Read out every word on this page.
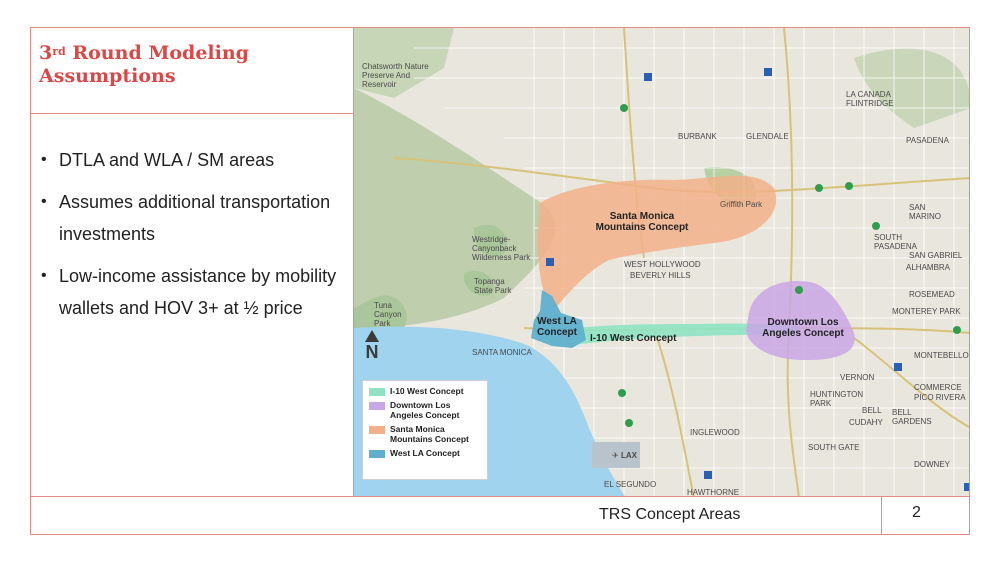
3rd Round Modeling Assumptions
• DTLA and WLA / SM areas
• Assumes additional transportation investments
• Low-income assistance by mobility wallets and HOV 3+ at ½ price
Chatsworth Nature Preserve And Reservoir
BURBANK	GLENDALE
LA CANADA FLINTRIDGE
PASADENA
Griffith Park	SAN MARINO
SOUTH PASADENA
SAN GABRIEL
ALHAMBRA
Westridge-Canyonback Wilderness Park
WEST HOLLYWOOD
BEVERLY HILLS
Topanga State Park
Tuna Canyon Park
SANTA MONICA
ROSEMEAD
MONTEREY PARK
MONTEBELLO
VERNON
COMMERCE
PICO RIVERA
HUNTINGTON PARK
BELL BELL GARDENS
CUDAHY
INGLEWOOD
SOUTH GATE
✈ LAX
EL SEGUNDO
HAWTHORNE
DOWNEY
Santa Monica Mountains Concept
West LA Concept
I-10 West Concept
Downtown Los Angeles Concept
N
I-10 West Concept
Downtown Los Angeles Concept
Santa Monica Mountains Concept
West LA Concept
TRS Concept Areas	2
